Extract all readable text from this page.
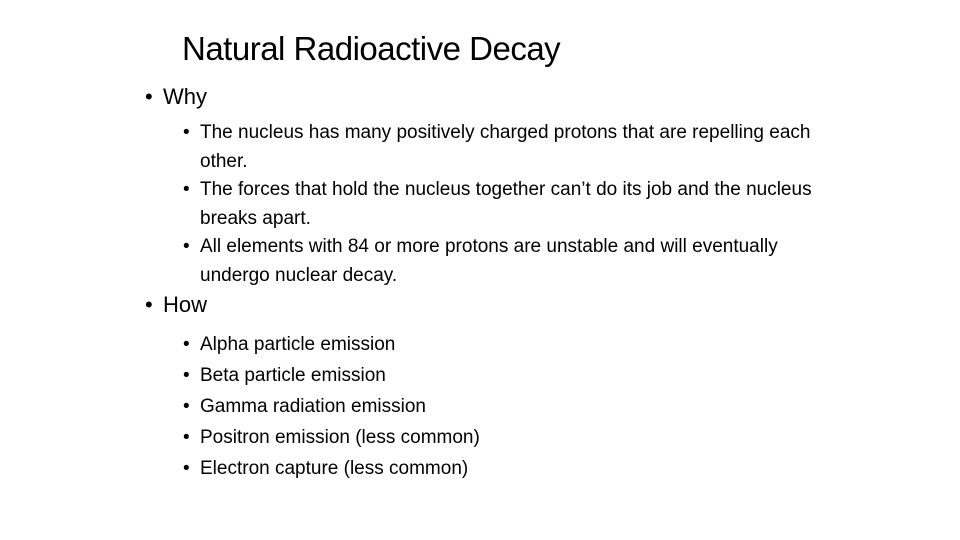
Natural Radioactive Decay
• Why
• The nucleus has many positively charged protons that are repelling each other.
• The forces that hold the nucleus together can’t do its job and the nucleus breaks apart.
• All elements with 84 or more protons are unstable and will eventually undergo nuclear decay.
• How
• Alpha particle emission
• Beta particle emission
• Gamma radiation emission
• Positron emission (less common)
• Electron capture (less common)
